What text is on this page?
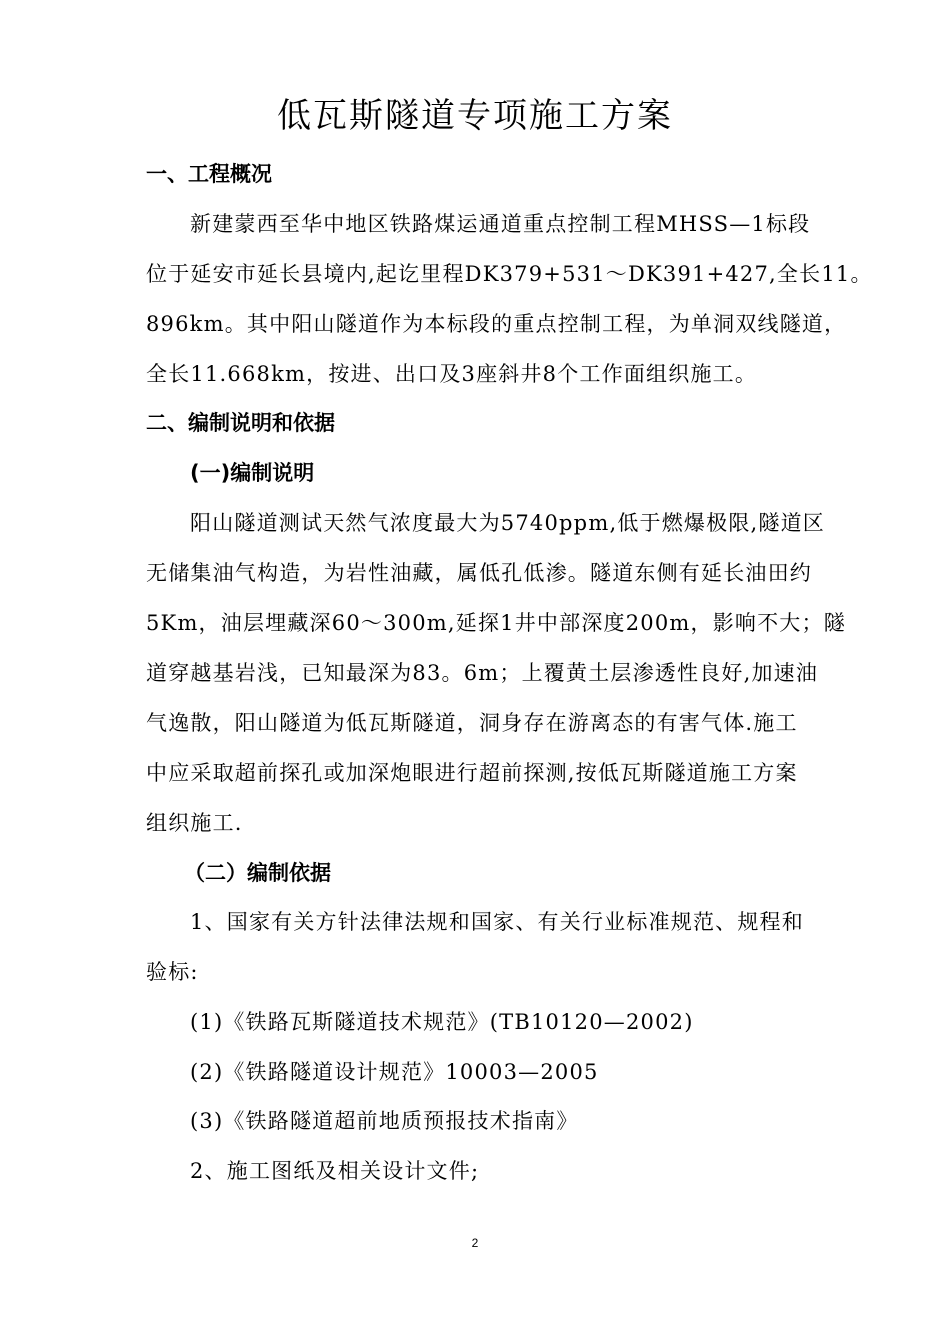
低瓦斯隧道专项施工方案
一、工程概况
新建蒙西至华中地区铁路煤运通道重点控制工程MHSS—1标段
位于延安市延长县境内,起讫里程DK379+531～DK391+427,全长11。
896km。其中阳山隧道作为本标段的重点控制工程，为单洞双线隧道，
全长11.668km，按进、出口及3座斜井8个工作面组织施工。
二、编制说明和依据
(一)编制说明
阳山隧道测试天然气浓度最大为5740ppm,低于燃爆极限,隧道区
无储集油气构造，为岩性油藏，属低孔低渗。隧道东侧有延长油田约
5Km，油层埋藏深60～300m,延探1井中部深度200m，影响不大；隧
道穿越基岩浅，已知最深为83。6m；上覆黄土层渗透性良好,加速油
气逸散，阳山隧道为低瓦斯隧道，洞身存在游离态的有害气体.施工
中应采取超前探孔或加深炮眼进行超前探测,按低瓦斯隧道施工方案
组织施工.
（二）编制依据
1、国家有关方针法律法规和国家、有关行业标准规范、规程和
验标:
(1)《铁路瓦斯隧道技术规范》(TB10120—2002)
(2)《铁路隧道设计规范》10003—2005
(3)《铁路隧道超前地质预报技术指南》
2、施工图纸及相关设计文件;
2
